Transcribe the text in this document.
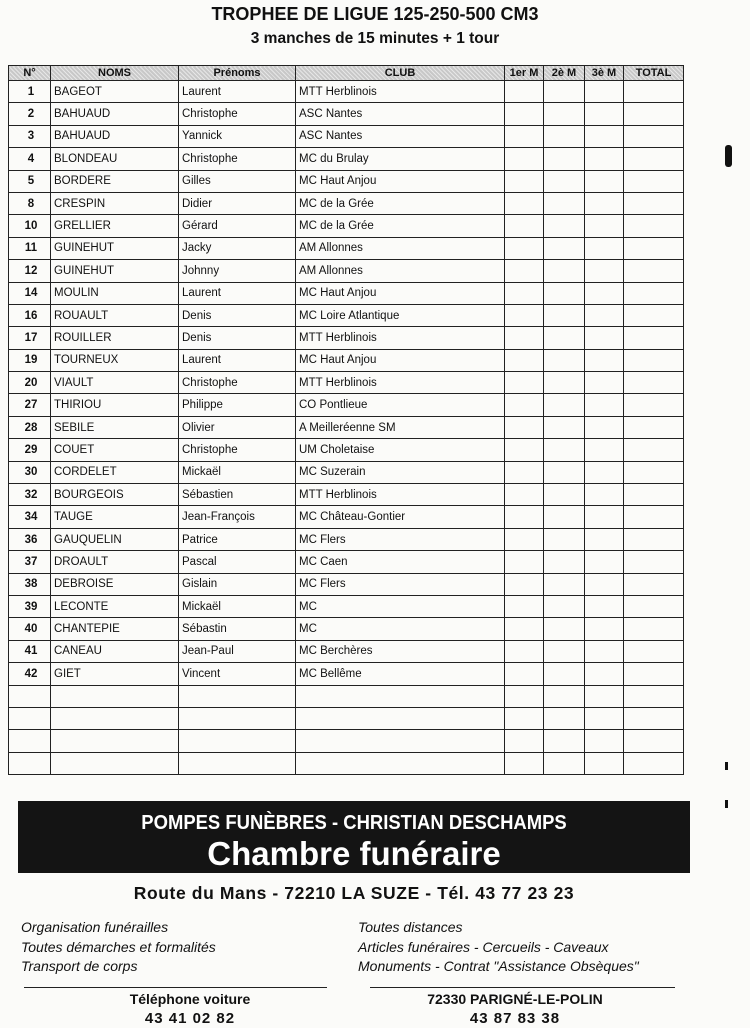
TROPHEE DE LIGUE 125-250-500 CM3
3 manches de 15 minutes + 1 tour
N°	NOMS	Prénoms	CLUB	1er M	2è M	3è M	TOTAL
1	BAGEOT	Laurent	MTT Herblinois				
2	BAHUAUD	Christophe	ASC Nantes				
3	BAHUAUD	Yannick	ASC Nantes				
4	BLONDEAU	Christophe	MC du Brulay				
5	BORDERE	Gilles	MC Haut Anjou				
8	CRESPIN	Didier	MC de la Grée				
10	GRELLIER	Gérard	MC de la Grée				
11	GUINEHUT	Jacky	AM Allonnes				
12	GUINEHUT	Johnny	AM Allonnes				
14	MOULIN	Laurent	MC Haut Anjou				
16	ROUAULT	Denis	MC Loire Atlantique				
17	ROUILLER	Denis	MTT Herblinois				
19	TOURNEUX	Laurent	MC Haut Anjou				
20	VIAULT	Christophe	MTT Herblinois				
27	THIRIOU	Philippe	CO Pontlieue				
28	SEBILE	Olivier	A Meilleréenne SM				
29	COUET	Christophe	UM Choletaise				
30	CORDELET	Mickaël	MC Suzerain				
32	BOURGEOIS	Sébastien	MTT Herblinois				
34	TAUGE	Jean-François	MC Château-Gontier				
36	GAUQUELIN	Patrice	MC Flers				
37	DROAULT	Pascal	MC Caen				
38	DEBROISE	Gislain	MC Flers				
39	LECONTE	Mickaël	MC				
40	CHANTEPIE	Sébastin	MC				
41	CANEAU	Jean-Paul	MC Berchères				
42	GIET	Vincent	MC Bellême				

POMPES FUNÈBRES - CHRISTIAN DESCHAMPS
Chambre funéraire
Route du Mans - 72210 LA SUZE - Tél. 43 77 23 23
Organisation funérailles
Toutes démarches et formalités
Transport de corps
Toutes distances
Articles funéraires - Cercueils - Caveaux
Monuments - Contrat "Assistance Obsèques"
Téléphone voiture
43 41 02 82
72330 PARIGNÉ-LE-POLIN
43 87 83 38
